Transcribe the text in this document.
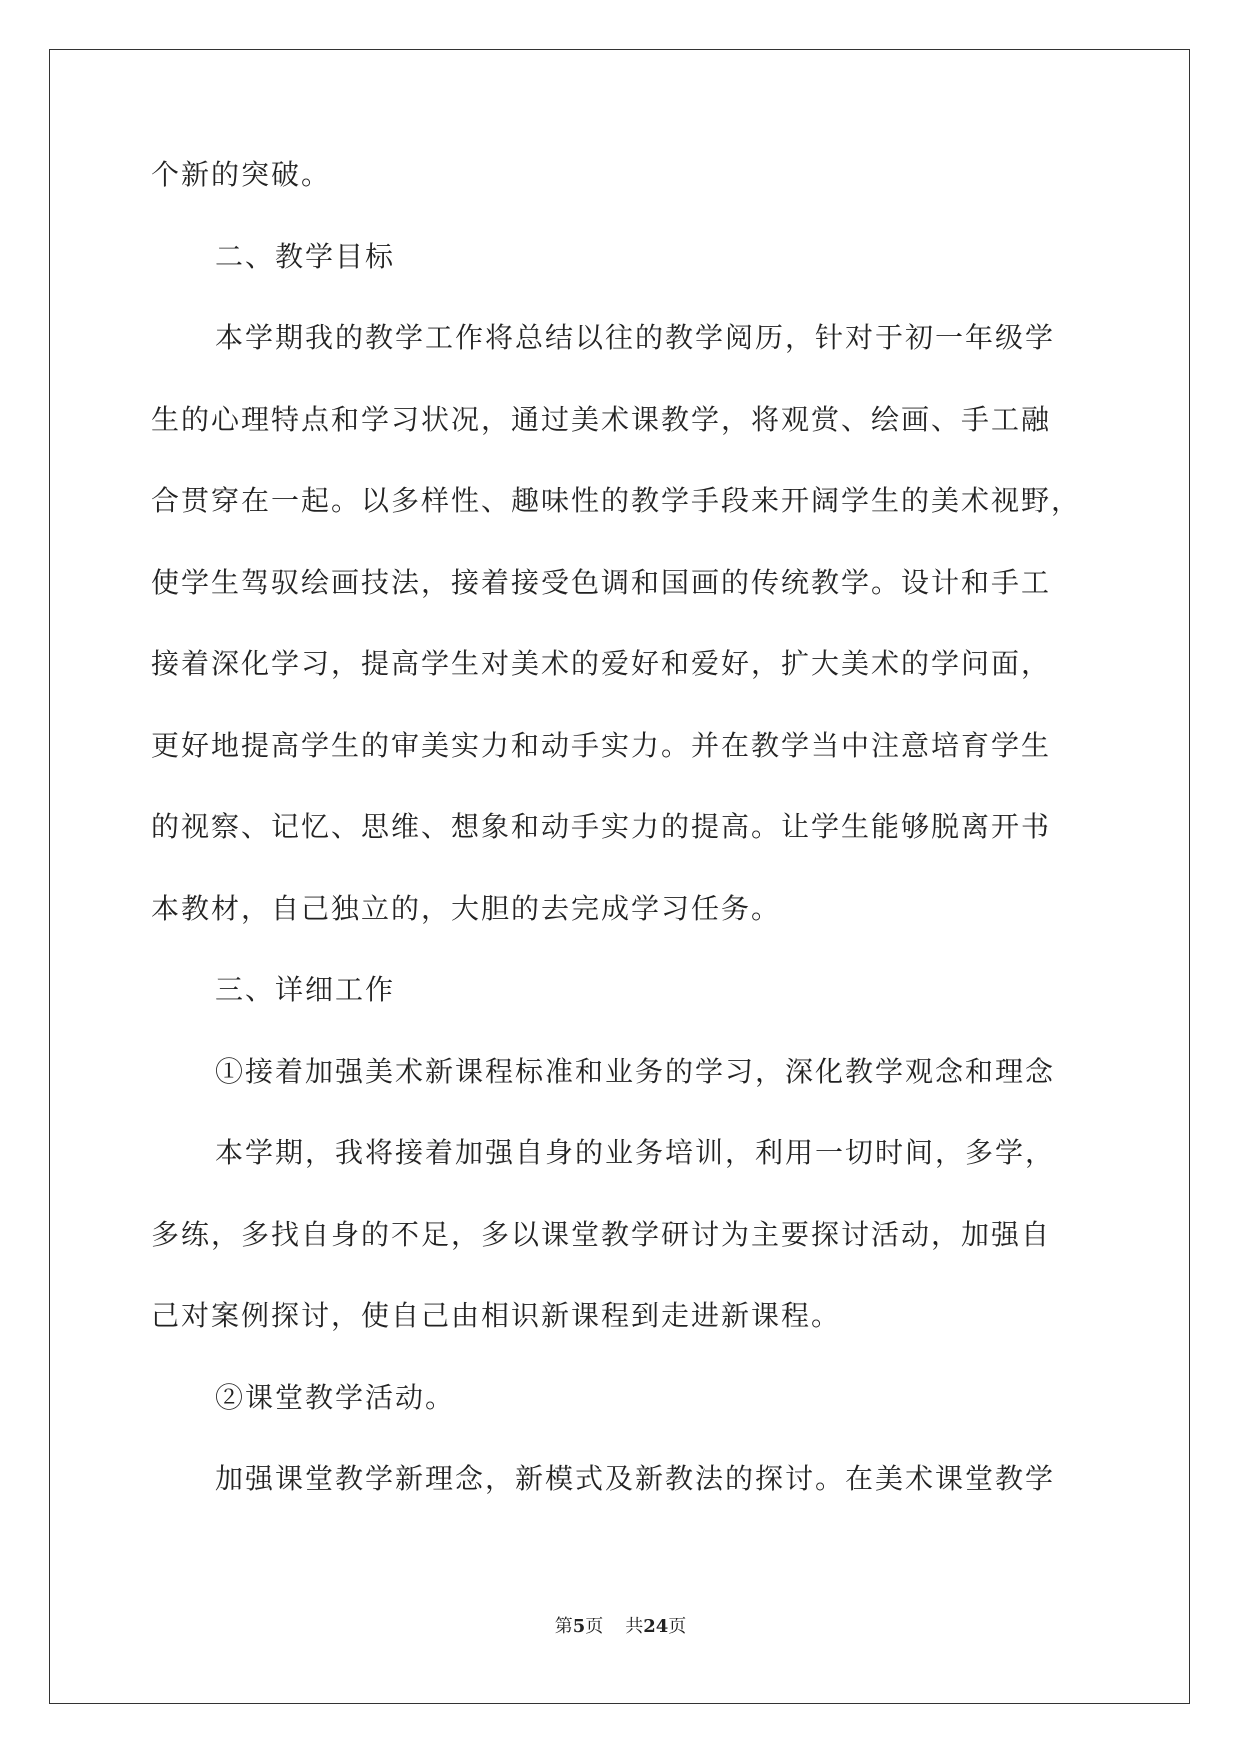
个新的突破。
二、教学目标
本学期我的教学工作将总结以往的教学阅历，针对于初一年级学
生的心理特点和学习状况，通过美术课教学，将观赏、绘画、手工融
合贯穿在一起。以多样性、趣味性的教学手段来开阔学生的美术视野，
使学生驾驭绘画技法，接着接受色调和国画的传统教学。设计和手工
接着深化学习，提高学生对美术的爱好和爱好，扩大美术的学问面，
更好地提高学生的审美实力和动手实力。并在教学当中注意培育学生
的视察、记忆、思维、想象和动手实力的提高。让学生能够脱离开书
本教材，自己独立的，大胆的去完成学习任务。
三、详细工作
①接着加强美术新课程标准和业务的学习，深化教学观念和理念
本学期，我将接着加强自身的业务培训，利用一切时间，多学，
多练，多找自身的不足，多以课堂教学研讨为主要探讨活动，加强自
己对案例探讨，使自己由相识新课程到走进新课程。
②课堂教学活动。
加强课堂教学新理念，新模式及新教法的探讨。在美术课堂教学
第5页 共24页
